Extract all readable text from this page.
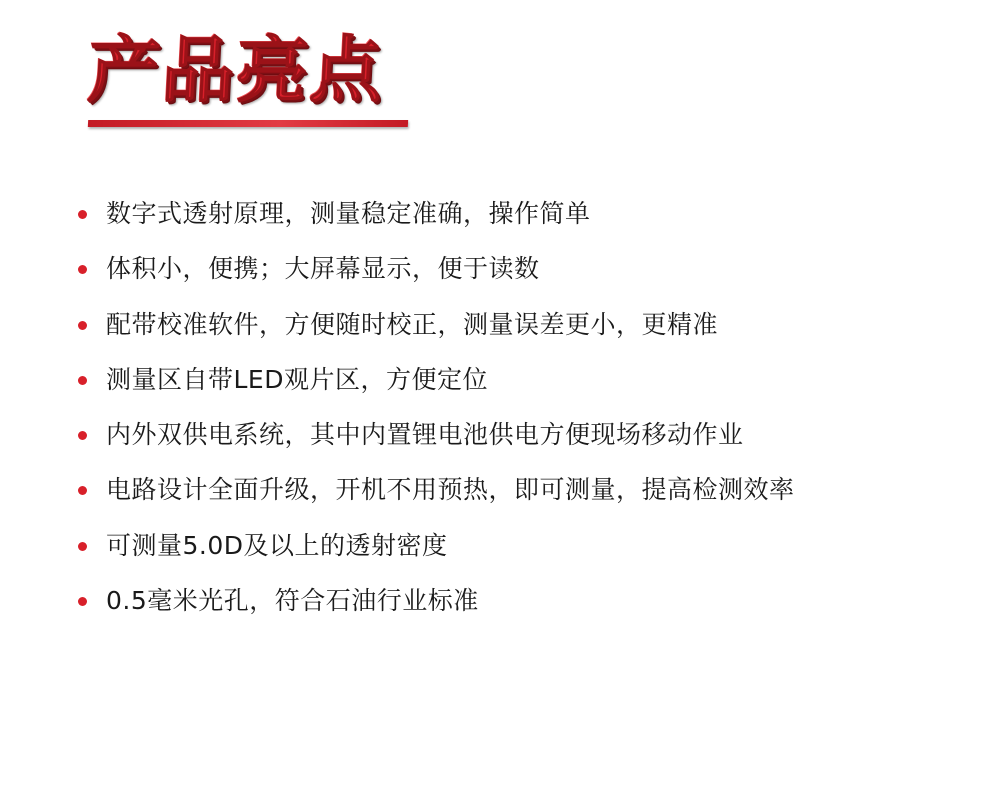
产品亮点
数字式透射原理，测量稳定准确，操作简单
体积小，便携；大屏幕显示，便于读数
配带校准软件，方便随时校正，测量误差更小，更精准
测量区自带LED观片区，方便定位
内外双供电系统，其中内置锂电池供电方便现场移动作业
电路设计全面升级，开机不用预热，即可测量，提高检测效率
可测量5.0D及以上的透射密度
0.5毫米光孔，符合石油行业标准
